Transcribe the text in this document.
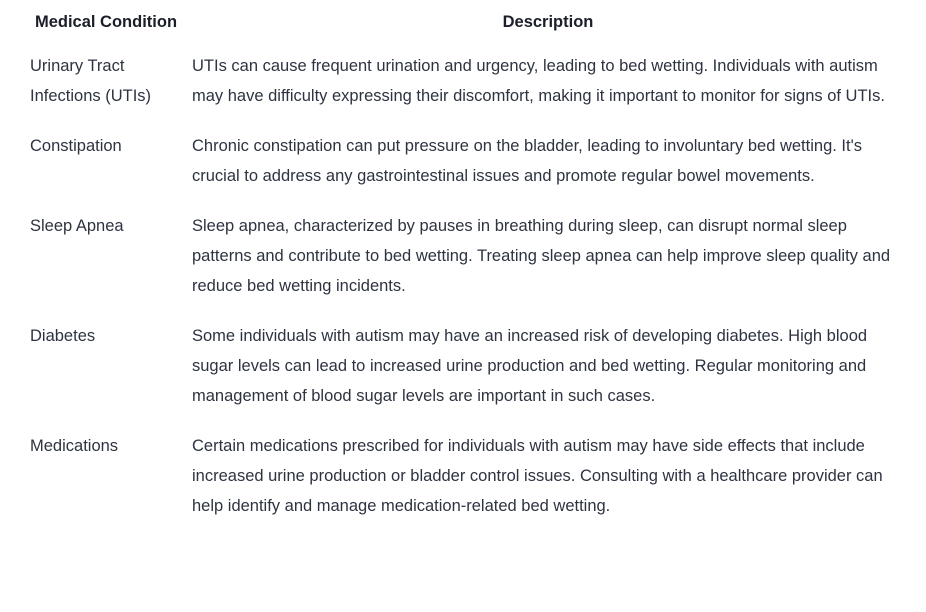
Medical Condition	Description
Urinary Tract Infections (UTIs)	UTIs can cause frequent urination and urgency, leading to bed wetting. Individuals with autism may have difficulty expressing their discomfort, making it important to monitor for signs of UTIs.
Constipation	Chronic constipation can put pressure on the bladder, leading to involuntary bed wetting. It's crucial to address any gastrointestinal issues and promote regular bowel movements.
Sleep Apnea	Sleep apnea, characterized by pauses in breathing during sleep, can disrupt normal sleep patterns and contribute to bed wetting. Treating sleep apnea can help improve sleep quality and reduce bed wetting incidents.
Diabetes	Some individuals with autism may have an increased risk of developing diabetes. High blood sugar levels can lead to increased urine production and bed wetting. Regular monitoring and management of blood sugar levels are important in such cases.
Medications	Certain medications prescribed for individuals with autism may have side effects that include increased urine production or bladder control issues. Consulting with a healthcare provider can help identify and manage medication-related bed wetting.
